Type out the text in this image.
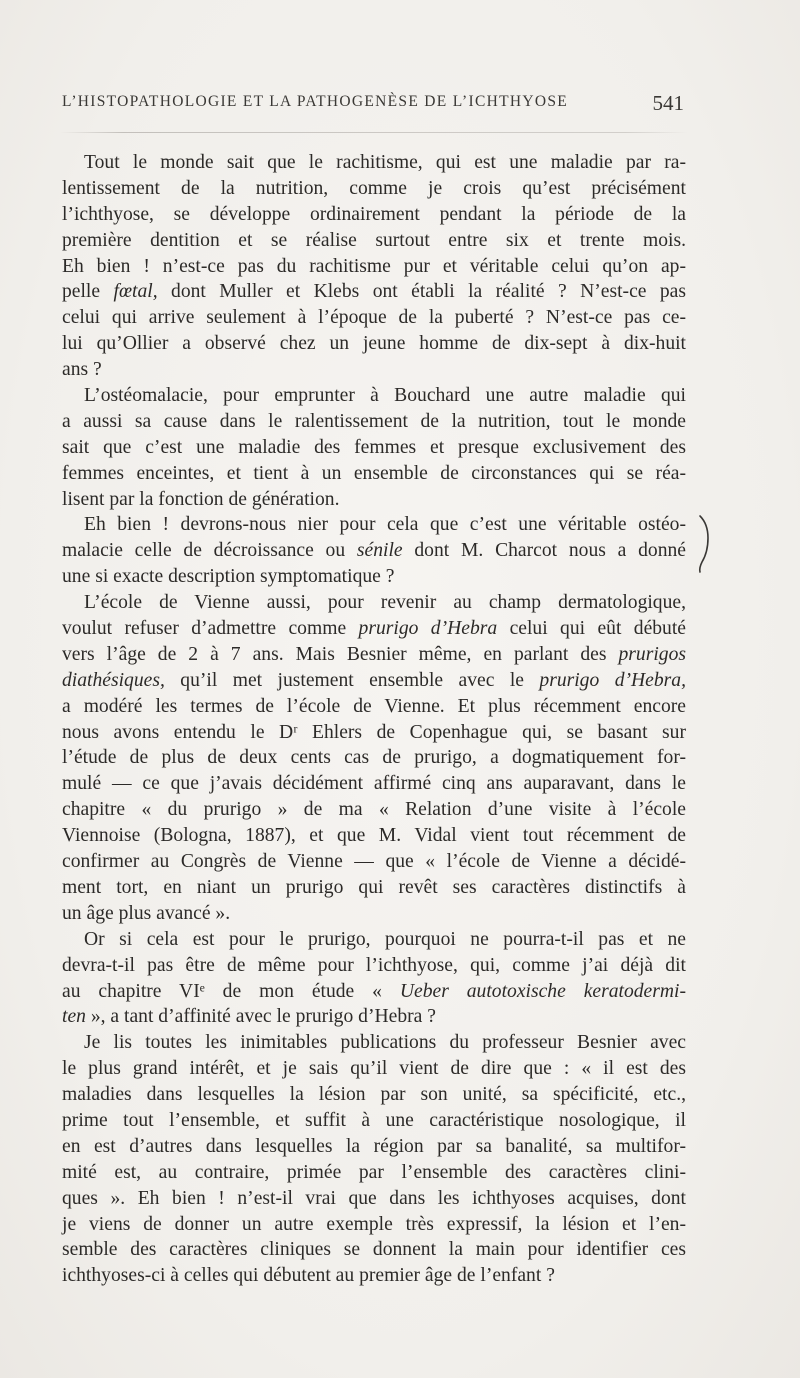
L’HISTOPATHOLOGIE ET LA PATHOGENÈSE DE L’ICHTHYOSE	541
Tout le monde sait que le rachitisme, qui est une maladie par ra-
lentissement de la nutrition, comme je crois qu’est précisément
l’ichthyose, se développe ordinairement pendant la période de la
première dentition et se réalise surtout entre six et trente mois.
Eh bien ! n’est-ce pas du rachitisme pur et véritable celui qu’on ap-
pelle fœtal, dont Muller et Klebs ont établi la réalité ? N’est-ce pas
celui qui arrive seulement à l’époque de la puberté ? N’est-ce pas ce-
lui qu’Ollier a observé chez un jeune homme de dix-sept à dix-huit
ans ?
L’ostéomalacie, pour emprunter à Bouchard une autre maladie qui
a aussi sa cause dans le ralentissement de la nutrition, tout le monde
sait que c’est une maladie des femmes et presque exclusivement des
femmes enceintes, et tient à un ensemble de circonstances qui se réa-
lisent par la fonction de génération.
Eh bien ! devrons-nous nier pour cela que c’est une véritable ostéo-
malacie celle de décroissance ou sénile dont M. Charcot nous a donné
une si exacte description symptomatique ?
L’école de Vienne aussi, pour revenir au champ dermatologique,
voulut refuser d’admettre comme prurigo d’Hebra celui qui eût débuté
vers l’âge de 2 à 7 ans. Mais Besnier même, en parlant des prurigos
diathésiques, qu’il met justement ensemble avec le prurigo d’Hebra,
a modéré les termes de l’école de Vienne. Et plus récemment encore
nous avons entendu le Dʳ Ehlers de Copenhague qui, se basant sur
l’étude de plus de deux cents cas de prurigo, a dogmatiquement for-
mulé — ce que j’avais décidément affirmé cinq ans auparavant, dans le
chapitre « du prurigo » de ma « Relation d’une visite à l’école
Viennoise (Bologna, 1887), et que M. Vidal vient tout récemment de
confirmer au Congrès de Vienne — que « l’école de Vienne a décidé-
ment tort, en niant un prurigo qui revêt ses caractères distinctifs à
un âge plus avancé ».
Or si cela est pour le prurigo, pourquoi ne pourra-t-il pas et ne
devra-t-il pas être de même pour l’ichthyose, qui, comme j’ai déjà dit
au chapitre VIᵉ de mon étude « Ueber autotoxische keratodermi-
ten », a tant d’affinité avec le prurigo d’Hebra ?
Je lis toutes les inimitables publications du professeur Besnier avec
le plus grand intérêt, et je sais qu’il vient de dire que : « il est des
maladies dans lesquelles la lésion par son unité, sa spécificité, etc.,
prime tout l’ensemble, et suffit à une caractéristique nosologique, il
en est d’autres dans lesquelles la région par sa banalité, sa multifor-
mité est, au contraire, primée par l’ensemble des caractères clini-
ques ». Eh bien ! n’est-il vrai que dans les ichthyoses acquises, dont
je viens de donner un autre exemple très expressif, la lésion et l’en-
semble des caractères cliniques se donnent la main pour identifier ces
ichthyoses-ci à celles qui débutent au premier âge de l’enfant ?
